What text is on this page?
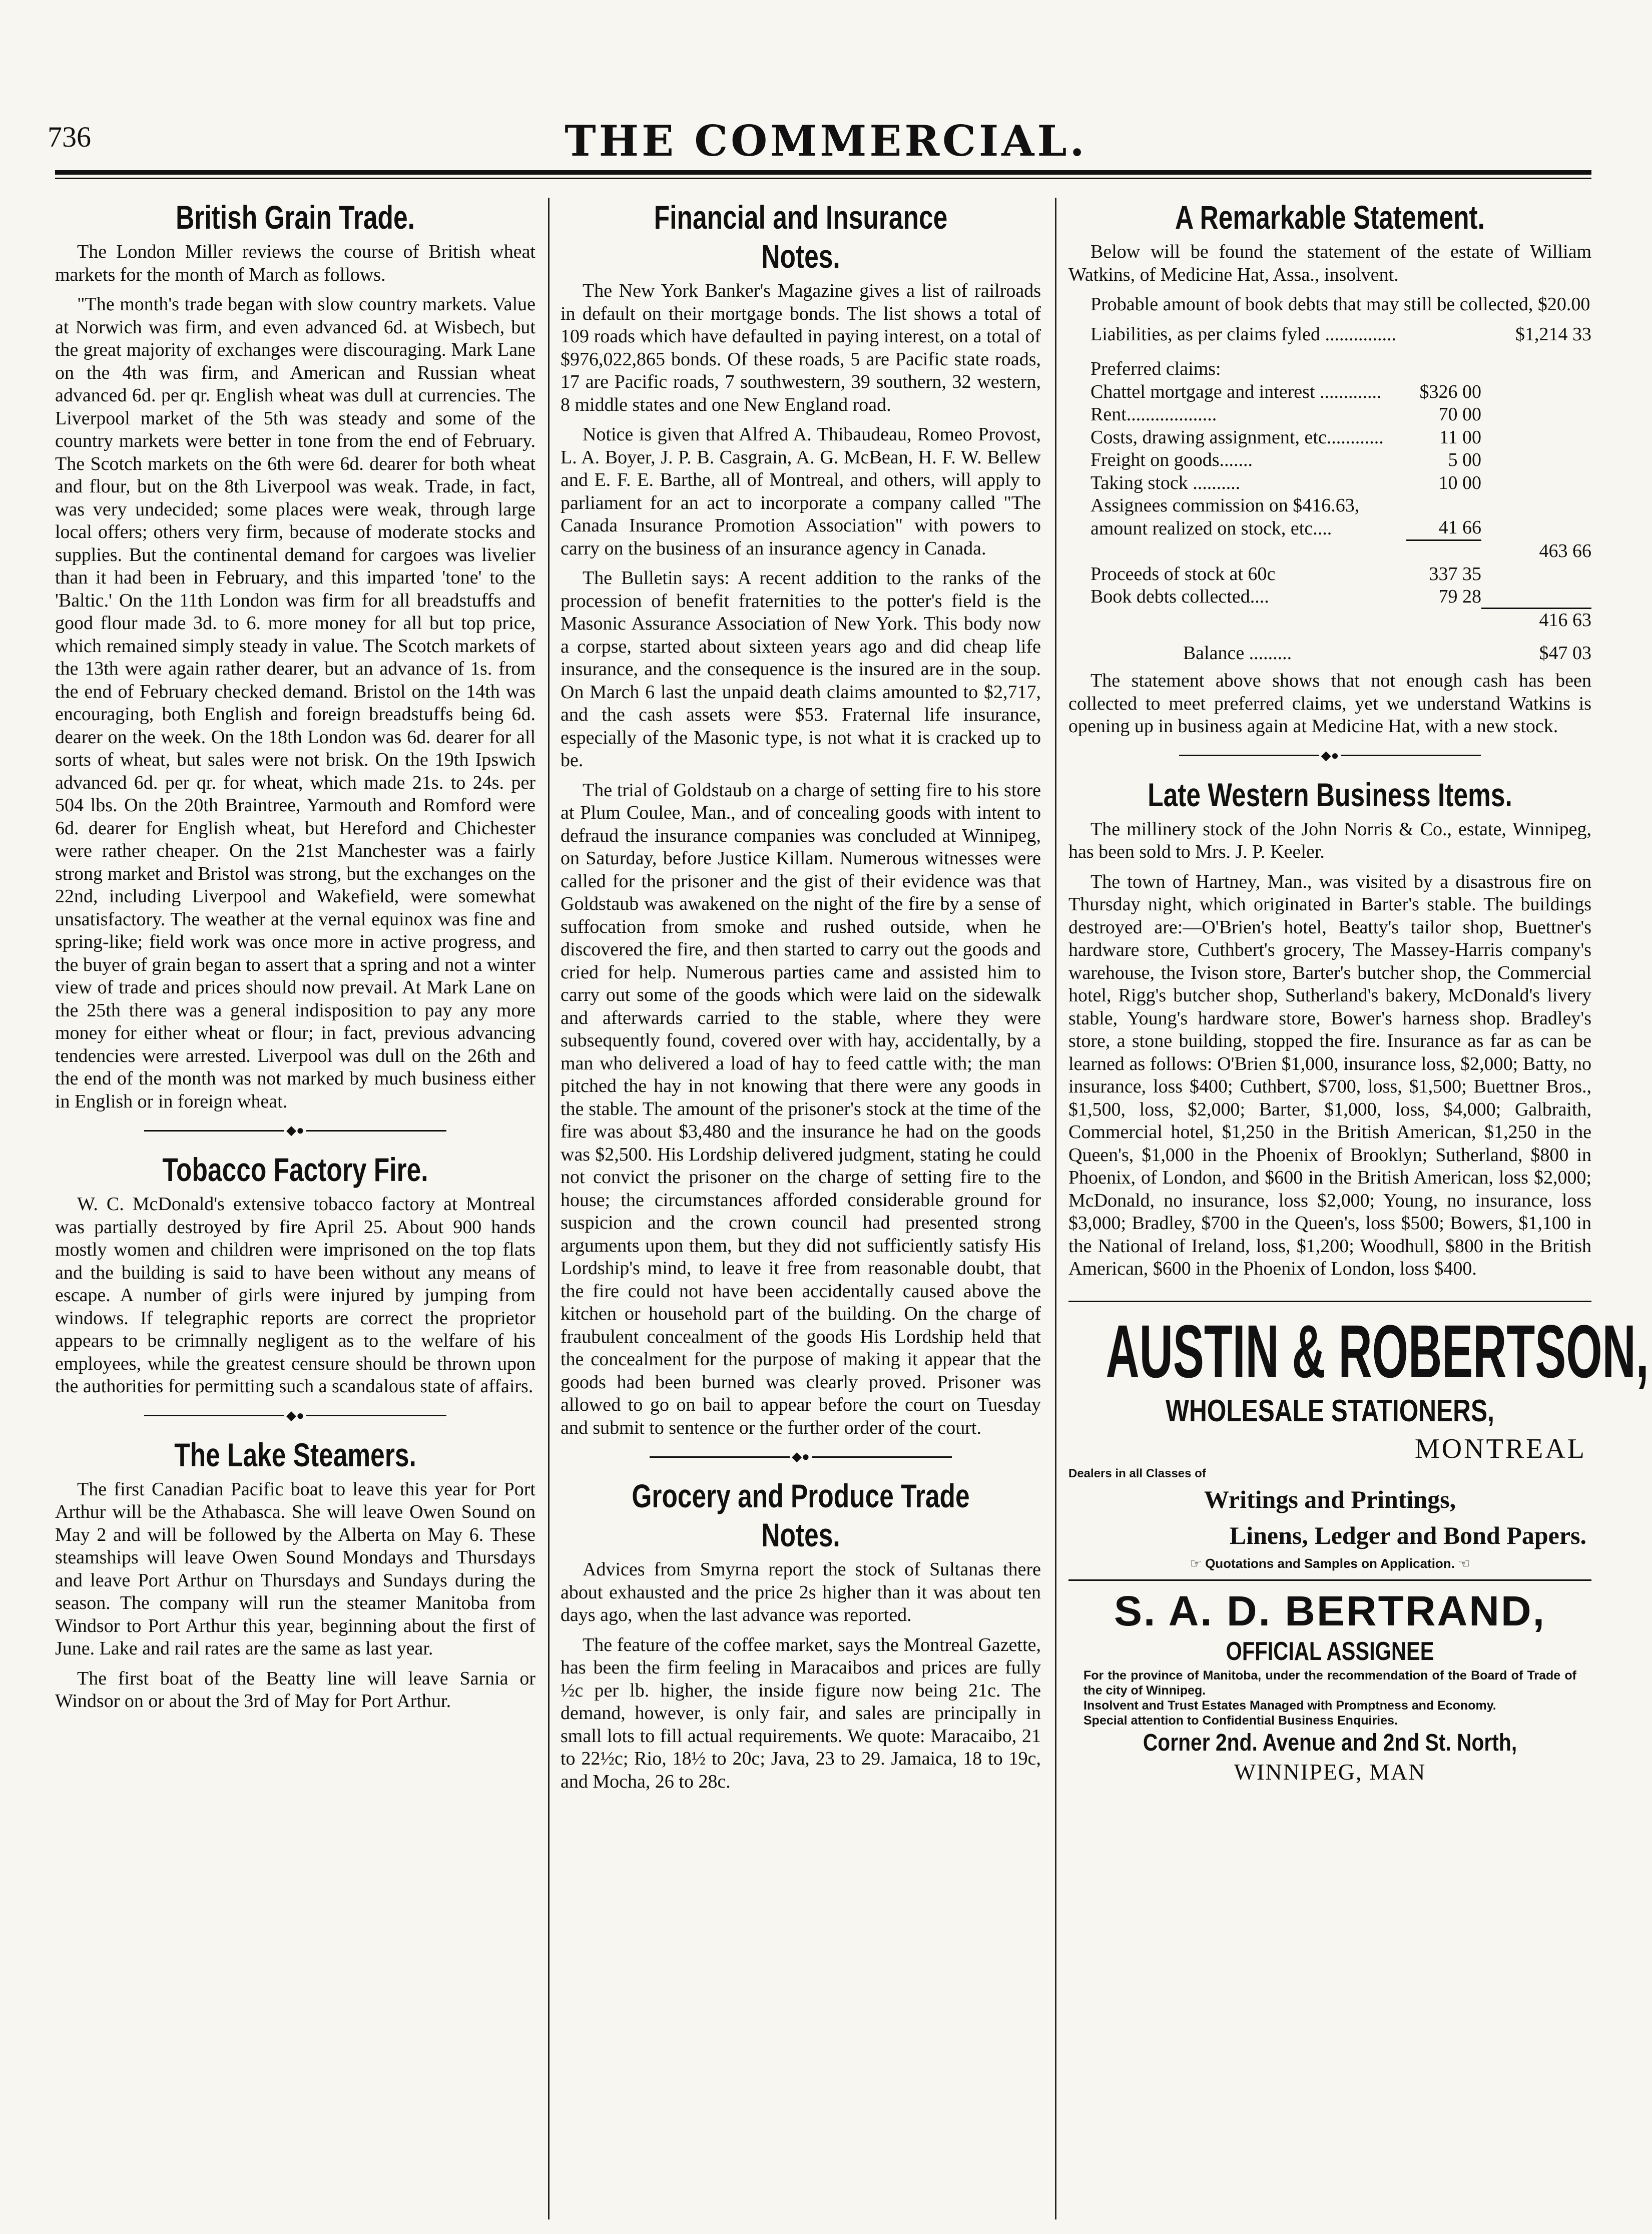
736	THE COMMERCIAL.
British Grain Trade.

The London Miller reviews the course of British wheat markets for the month of March as follows.

"The month's trade began with slow country markets. Value at Norwich was firm, and even advanced 6d. at Wisbech, but the great majority of exchanges were discouraging. Mark Lane on the 4th was firm, and American and Russian wheat advanced 6d. per qr. English wheat was dull at currencies. The Liverpool market of the 5th was steady and some of the country markets were better in tone from the end of February. The Scotch markets on the 6th were 6d. dearer for both wheat and flour, but on the 8th Liverpool was weak. Trade, in fact, was very undecided; some places were weak, through large local offers; others very firm, because of moderate stocks and supplies. But the continental demand for cargoes was livelier than it had been in February, and this imparted 'tone' to the 'Baltic.' On the 11th London was firm for all breadstuffs and good flour made 3d. to 6. more money for all but top price, which remained simply steady in value. The Scotch markets of the 13th were again rather dearer, but an advance of 1s. from the end of February checked demand. Bristol on the 14th was encouraging, both English and foreign breadstuffs being 6d. dearer on the week. On the 18th London was 6d. dearer for all sorts of wheat, but sales were not brisk. On the 19th Ipswich advanced 6d. per qr. for wheat, which made 21s. to 24s. per 504 lbs. On the 20th Braintree, Yarmouth and Romford were 6d. dearer for English wheat, but Hereford and Chichester were rather cheaper. On the 21st Manchester was a fairly strong market and Bristol was strong, but the exchanges on the 22nd, including Liverpool and Wakefield, were somewhat unsatisfactory. The weather at the vernal equinox was fine and spring-like; field work was once more in active progress, and the buyer of grain began to assert that a spring and not a winter view of trade and prices should now prevail. At Mark Lane on the 25th there was a general indisposition to pay any more money for either wheat or flour; in fact, previous advancing tendencies were arrested. Liverpool was dull on the 26th and the end of the month was not marked by much business either in English or in foreign wheat.

◆●
Tobacco Factory Fire.

W. C. McDonald's extensive tobacco factory at Montreal was partially destroyed by fire April 25. About 900 hands mostly women and children were imprisoned on the top flats and the building is said to have been without any means of escape. A number of girls were injured by jumping from windows. If telegraphic reports are correct the proprietor appears to be crimnally negligent as to the welfare of his employees, while the greatest censure should be thrown upon the authorities for permitting such a scandalous state of affairs.

◆●
The Lake Steamers.

The first Canadian Pacific boat to leave this year for Port Arthur will be the Athabasca. She will leave Owen Sound on May 2 and will be followed by the Alberta on May 6. These steamships will leave Owen Sound Mondays and Thursdays and leave Port Arthur on Thursdays and Sundays during the season. The company will run the steamer Manitoba from Windsor to Port Arthur this year, beginning about the first of June. Lake and rail rates are the same as last year.

The first boat of the Beatty line will leave Sarnia or Windsor on or about the 3rd of May for Port Arthur.

Financial and Insurance Notes.

The New York Banker's Magazine gives a list of railroads in default on their mortgage bonds. The list shows a total of 109 roads which have defaulted in paying interest, on a total of $976,022,865 bonds. Of these roads, 5 are Pacific state roads, 17 are Pacific roads, 7 southwestern, 39 southern, 32 western, 8 middle states and one New England road.

Notice is given that Alfred A. Thibaudeau, Romeo Provost, L. A. Boyer, J. P. B. Casgrain, A. G. McBean, H. F. W. Bellew and E. F. E. Barthe, all of Montreal, and others, will apply to parliament for an act to incorporate a company called "The Canada Insurance Promotion Association" with powers to carry on the business of an insurance agency in Canada.

The Bulletin says: A recent addition to the ranks of the procession of benefit fraternities to the potter's field is the Masonic Assurance Association of New York. This body now a corpse, started about sixteen years ago and did cheap life insurance, and the consequence is the insured are in the soup. On March 6 last the unpaid death claims amounted to $2,717, and the cash assets were $53. Fraternal life insurance, especially of the Masonic type, is not what it is cracked up to be.

The trial of Goldstaub on a charge of setting fire to his store at Plum Coulee, Man., and of concealing goods with intent to defraud the insurance companies was concluded at Winnipeg, on Saturday, before Justice Killam. Numerous witnesses were called for the prisoner and the gist of their evidence was that Goldstaub was awakened on the night of the fire by a sense of suffocation from smoke and rushed outside, when he discovered the fire, and then started to carry out the goods and cried for help. Numerous parties came and assisted him to carry out some of the goods which were laid on the sidewalk and afterwards carried to the stable, where they were subsequently found, covered over with hay, accidentally, by a man who delivered a load of hay to feed cattle with; the man pitched the hay in not knowing that there were any goods in the stable. The amount of the prisoner's stock at the time of the fire was about $3,480 and the insurance he had on the goods was $2,500. His Lordship delivered judgment, stating he could not convict the prisoner on the charge of setting fire to the house; the circumstances afforded considerable ground for suspicion and the crown council had presented strong arguments upon them, but they did not sufficiently satisfy His Lordship's mind, to leave it free from reasonable doubt, that the fire could not have been accidentally caused above the kitchen or household part of the building. On the charge of fraubulent concealment of the goods His Lordship held that the concealment for the purpose of making it appear that the goods had been burned was clearly proved. Prisoner was allowed to go on bail to appear before the court on Tuesday and submit to sentence or the further order of the court.

◆●
Grocery and Produce Trade Notes.

Advices from Smyrna report the stock of Sultanas there about exhausted and the price 2s higher than it was about ten days ago, when the last advance was reported.

The feature of the coffee market, says the Montreal Gazette, has been the firm feeling in Maracaibos and prices are fully ½c per lb. higher, the inside figure now being 21c. The demand, however, is only fair, and sales are principally in small lots to fill actual requirements. We quote: Maracaibo, 21 to 22½c; Rio, 18½ to 20c; Java, 23 to 29. Jamaica, 18 to 19c, and Mocha, 26 to 28c.

A Remarkable Statement.

Below will be found the statement of the estate of William Watkins, of Medicine Hat, Assa., insolvent.

Probable amount of book debts that may still be collected, $20.00

Liabilities, as per claims fyled ...............		$1,214 33

Preferred claims:		
Chattel mortgage and interest .............	$326 00	
Rent...................	70 00	
Costs, drawing assignment, etc............	11 00	
Freight on goods.......	5 00	
Taking stock ..........	10 00	
Assignees commission on $416.63, amount realized on stock, etc....	41 66	
		463 66
Proceeds of stock at 60c	337 35	
Book debts collected....	79 28	
		416 63

Balance .........		$47 03

The statement above shows that not enough cash has been collected to meet preferred claims, yet we understand Watkins is opening up in business again at Medicine Hat, with a new stock.

◆●
Late Western Business Items.

The millinery stock of the John Norris & Co., estate, Winnipeg, has been sold to Mrs. J. P. Keeler.

The town of Hartney, Man., was visited by a disastrous fire on Thursday night, which originated in Barter's stable. The buildings destroyed are:—O'Brien's hotel, Beatty's tailor shop, Buettner's hardware store, Cuthbert's grocery, The Massey-Harris company's warehouse, the Ivison store, Barter's butcher shop, the Commercial hotel, Rigg's butcher shop, Sutherland's bakery, McDonald's livery stable, Young's hardware store, Bower's harness shop. Bradley's store, a stone building, stopped the fire. Insurance as far as can be learned as follows: O'Brien $1,000, insurance loss, $2,000; Batty, no insurance, loss $400; Cuthbert, $700, loss, $1,500; Buettner Bros., $1,500, loss, $2,000; Barter, $1,000, loss, $4,000; Galbraith, Commercial hotel, $1,250 in the British American, $1,250 in the Queen's, $1,000 in the Phoenix of Brooklyn; Sutherland, $800 in Phoenix, of London, and $600 in the British American, loss $2,000; McDonald, no insurance, loss $2,000; Young, no insurance, loss $3,000; Bradley, $700 in the Queen's, loss $500; Bowers, $1,100 in the National of Ireland, loss, $1,200; Woodhull, $800 in the British American, $600 in the Phoenix of London, loss $400.

AUSTIN & ROBERTSON,
WHOLESALE STATIONERS,
MONTREAL
Dealers in all Classes of
Writings and Printings,
Linens, Ledger and Bond Papers.
☞ Quotations and Samples on Application. ☜
S. A. D. BERTRAND,
OFFICIAL ASSIGNEE
For the province of Manitoba, under the recommendation of the Board of Trade of the city of Winnipeg.
Insolvent and Trust Estates Managed with Promptness and Economy.
Special attention to Confidential Business Enquiries.
Corner 2nd. Avenue and 2nd St. North,
WINNIPEG, MAN
